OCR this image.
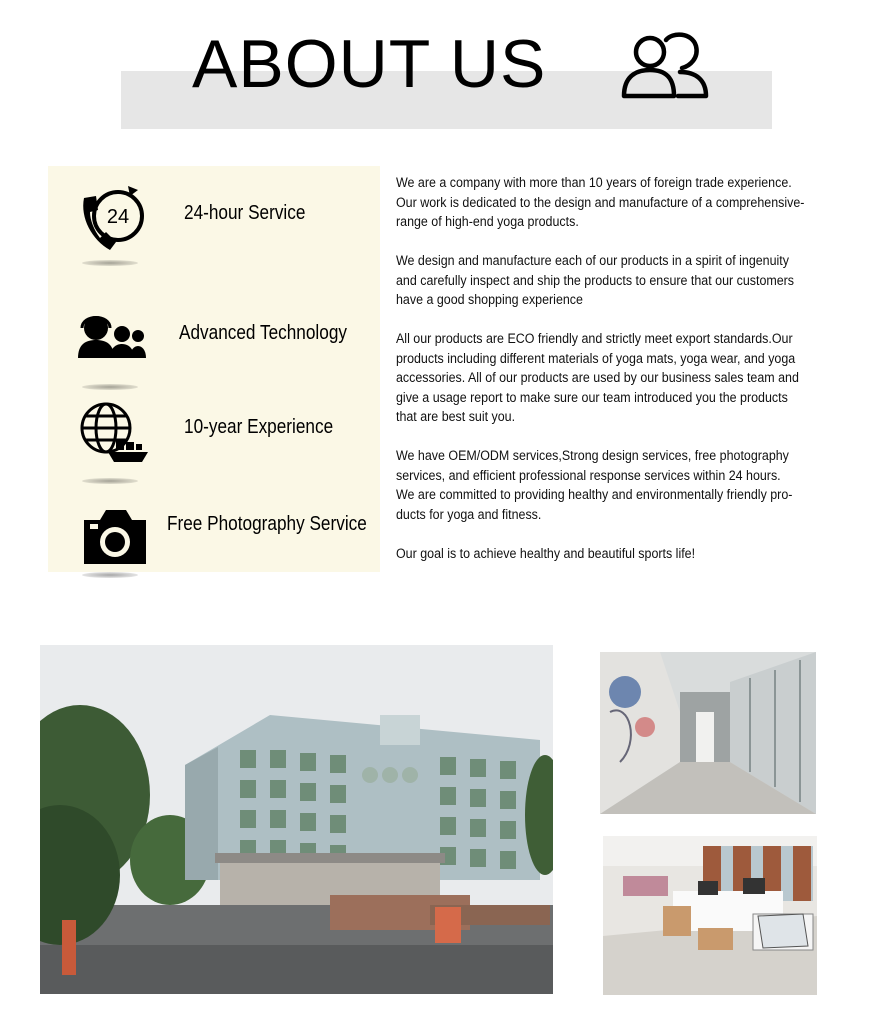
ABOUT US
24	24-hour Service
Advanced Technology
10-year Experience
Free Photography Service

We are a company with more than 10 years of foreign trade experience.
Our work is dedicated to the design and manufacture of a comprehensive-
range of high-end yoga products.

We design and manufacture each of our products in a spirit of ingenuity
and carefully inspect and ship the products to ensure that our customers
have a good shopping experience

All our products are ECO friendly and strictly meet export standards.Our
products including different materials of yoga mats, yoga wear, and yoga
accessories. All of our products are used by our business sales team and
give a usage report to make sure our team introduced you the products
that are best suit you.

We have OEM/ODM services,Strong design services, free photography
services, and efficient professional response services within 24 hours.
We are committed to providing healthy and environmentally friendly pro-
ducts for yoga and fitness.

Our goal is to achieve healthy and beautiful sports life!
